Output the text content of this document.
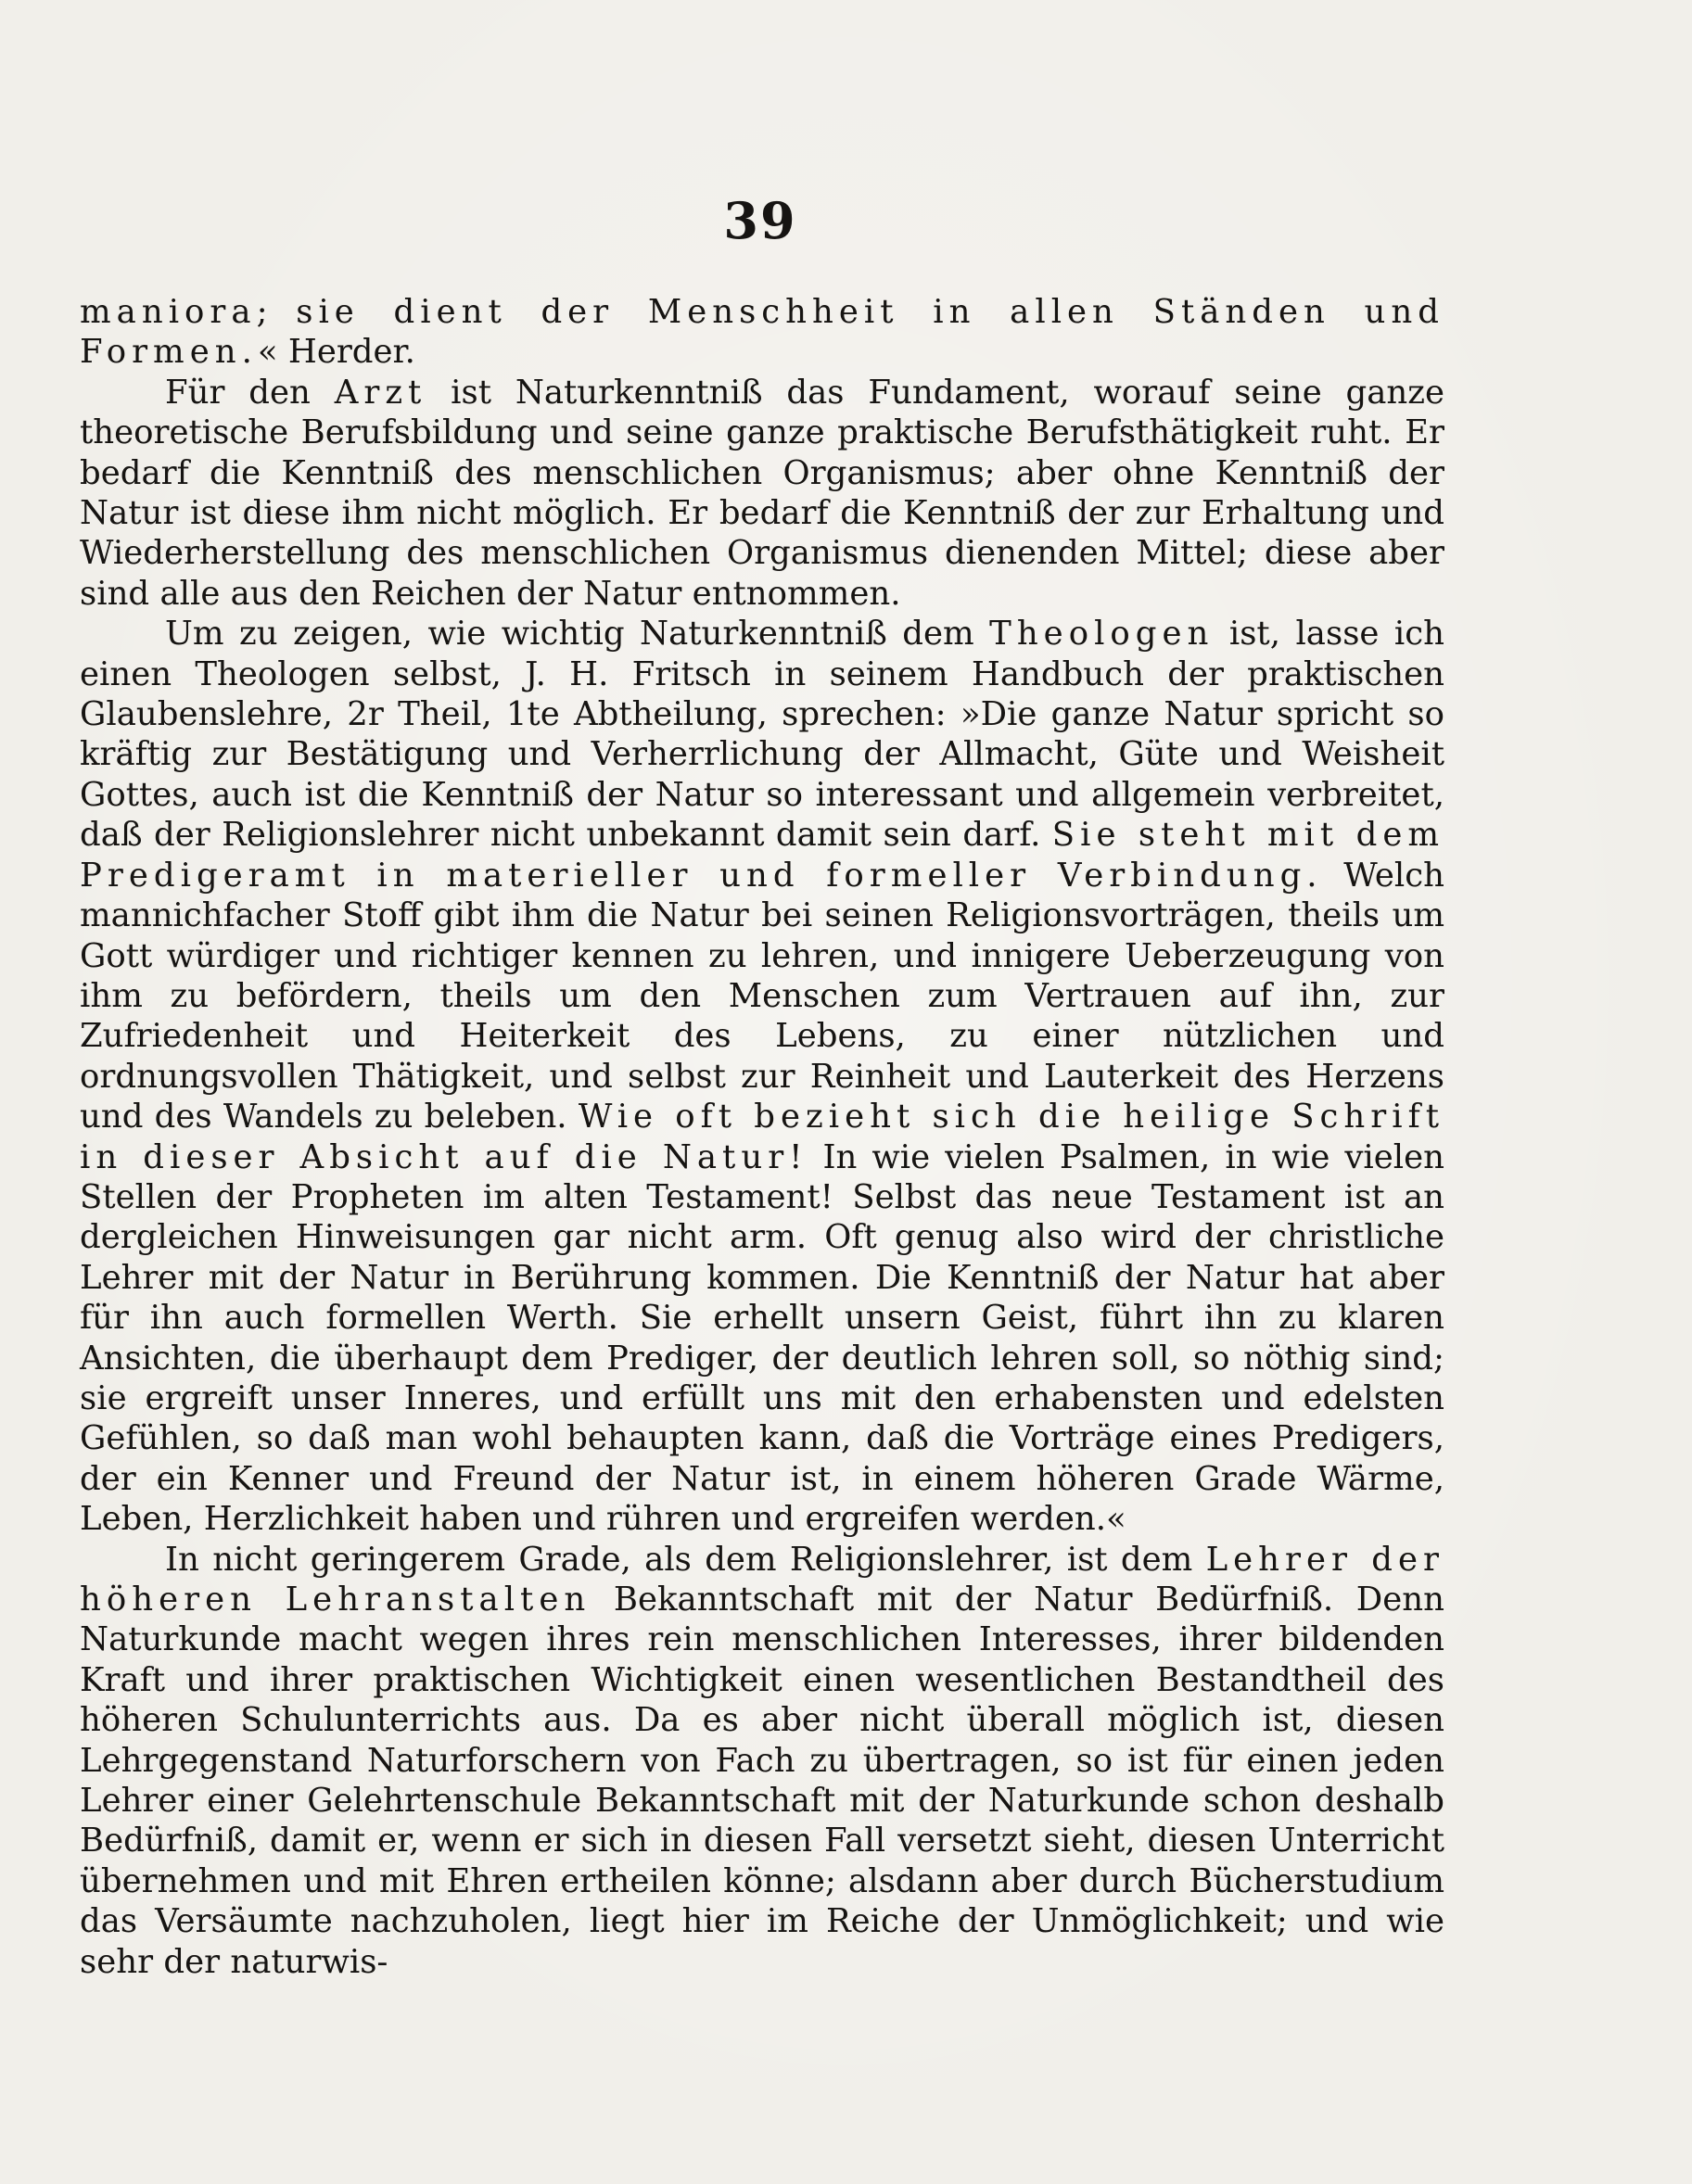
39

maniora; sie dient der Menschheit in allen Ständen und Formen.« Herder.

Für den Arzt ist Naturkenntniß das Fundament, worauf seine ganze theoretische Berufsbildung und seine ganze praktische Berufsthätigkeit ruht. Er bedarf die Kenntniß des menschlichen Organismus; aber ohne Kenntniß der Natur ist diese ihm nicht möglich. Er bedarf die Kenntniß der zur Erhaltung und Wiederherstellung des menschlichen Organismus dienenden Mittel; diese aber sind alle aus den Reichen der Natur entnommen.

Um zu zeigen, wie wichtig Naturkenntniß dem Theologen ist, lasse ich einen Theologen selbst, J. H. Fritsch in seinem Handbuch der praktischen Glaubenslehre, 2r Theil, 1te Abtheilung, sprechen: »Die ganze Natur spricht so kräftig zur Bestätigung und Verherrlichung der Allmacht, Güte und Weisheit Gottes, auch ist die Kenntniß der Natur so interessant und allgemein verbreitet, daß der Religionslehrer nicht unbekannt damit sein darf. Sie steht mit dem Predigeramt in materieller und formeller Verbindung. Welch mannichfacher Stoff gibt ihm die Natur bei seinen Religionsvorträgen, theils um Gott würdiger und richtiger kennen zu lehren, und innigere Ueberzeugung von ihm zu befördern, theils um den Menschen zum Vertrauen auf ihn, zur Zufriedenheit und Heiterkeit des Lebens, zu einer nützlichen und ordnungsvollen Thätigkeit, und selbst zur Reinheit und Lauterkeit des Herzens und des Wandels zu beleben. Wie oft bezieht sich die heilige Schrift in dieser Absicht auf die Natur! In wie vielen Psalmen, in wie vielen Stellen der Propheten im alten Testament! Selbst das neue Testament ist an dergleichen Hinweisungen gar nicht arm. Oft genug also wird der christliche Lehrer mit der Natur in Berührung kommen. Die Kenntniß der Natur hat aber für ihn auch formellen Werth. Sie erhellt unsern Geist, führt ihn zu klaren Ansichten, die überhaupt dem Prediger, der deutlich lehren soll, so nöthig sind; sie ergreift unser Inneres, und erfüllt uns mit den erhabensten und edelsten Gefühlen, so daß man wohl behaupten kann, daß die Vorträge eines Predigers, der ein Kenner und Freund der Natur ist, in einem höheren Grade Wärme, Leben, Herzlichkeit haben und rühren und ergreifen werden.«

In nicht geringerem Grade, als dem Religionslehrer, ist dem Lehrer der höheren Lehranstalten Bekanntschaft mit der Natur Bedürfniß. Denn Naturkunde macht wegen ihres rein menschlichen Interesses, ihrer bildenden Kraft und ihrer praktischen Wichtigkeit einen wesentlichen Bestandtheil des höheren Schulunterrichts aus. Da es aber nicht überall möglich ist, diesen Lehrgegenstand Naturforschern von Fach zu übertragen, so ist für einen jeden Lehrer einer Gelehrtenschule Bekanntschaft mit der Naturkunde schon deshalb Bedürfniß, damit er, wenn er sich in diesen Fall versetzt sieht, diesen Unterricht übernehmen und mit Ehren ertheilen könne; alsdann aber durch Bücherstudium das Versäumte nachzuholen, liegt hier im Reiche der Unmöglichkeit; und wie sehr der naturwis-
